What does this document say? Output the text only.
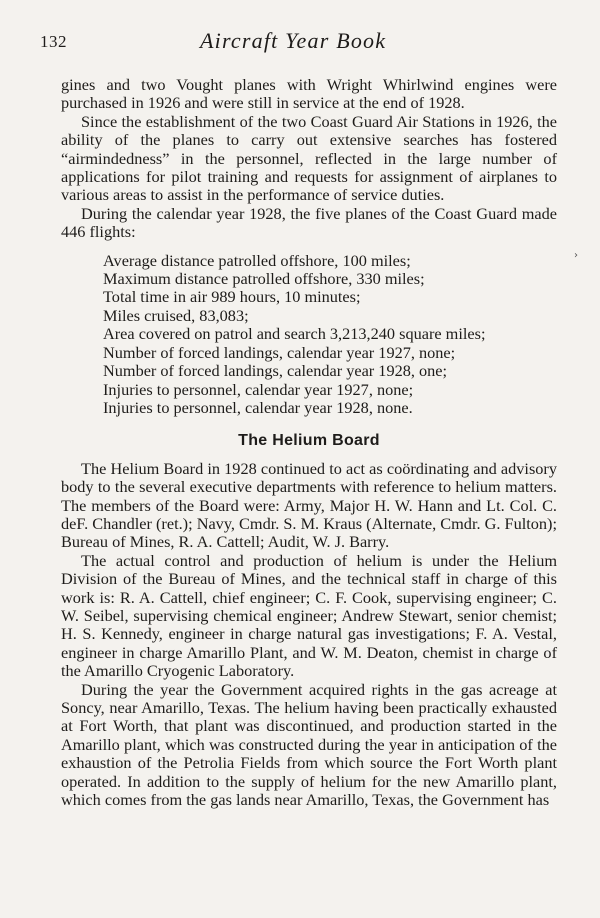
132	Aircraft Year Book

gines and two Vought planes with Wright Whirlwind engines were purchased in 1926 and were still in service at the end of 1928.

Since the establishment of the two Coast Guard Air Stations in 1926, the ability of the planes to carry out extensive searches has fostered “airmindedness” in the personnel, reflected in the large number of applications for pilot training and requests for assignment of airplanes to various areas to assist in the performance of service duties.

During the calendar year 1928, the five planes of the Coast Guard made 446 flights:

Average distance patrolled offshore, 100 miles;
Maximum distance patrolled offshore, 330 miles;
Total time in air 989 hours, 10 minutes;
Miles cruised, 83,083;
Area covered on patrol and search 3,213,240 square miles;
Number of forced landings, calendar year 1927, none;
Number of forced landings, calendar year 1928, one;
Injuries to personnel, calendar year 1927, none;
Injuries to personnel, calendar year 1928, none.
The Helium Board

The Helium Board in 1928 continued to act as coördinating and advisory body to the several executive departments with reference to helium matters. The members of the Board were: Army, Major H. W. Hann and Lt. Col. C. deF. Chandler (ret.); Navy, Cmdr. S. M. Kraus (Alternate, Cmdr. G. Fulton); Bureau of Mines, R. A. Cattell; Audit, W. J. Barry.

The actual control and production of helium is under the Helium Division of the Bureau of Mines, and the technical staff in charge of this work is: R. A. Cattell, chief engineer; C. F. Cook, supervising engineer; C. W. Seibel, supervising chemical engineer; Andrew Stewart, senior chemist; H. S. Kennedy, engineer in charge natural gas investigations; F. A. Vestal, engineer in charge Amarillo Plant, and W. M. Deaton, chemist in charge of the Amarillo Cryogenic Laboratory.

During the year the Government acquired rights in the gas acreage at Soncy, near Amarillo, Texas. The helium having been practically exhausted at Fort Worth, that plant was discontinued, and production started in the Amarillo plant, which was constructed during the year in anticipation of the exhaustion of the Petrolia Fields from which source the Fort Worth plant operated. In addition to the supply of helium for the new Amarillo plant, which comes from the gas lands near Amarillo, Texas, the Government has

›
